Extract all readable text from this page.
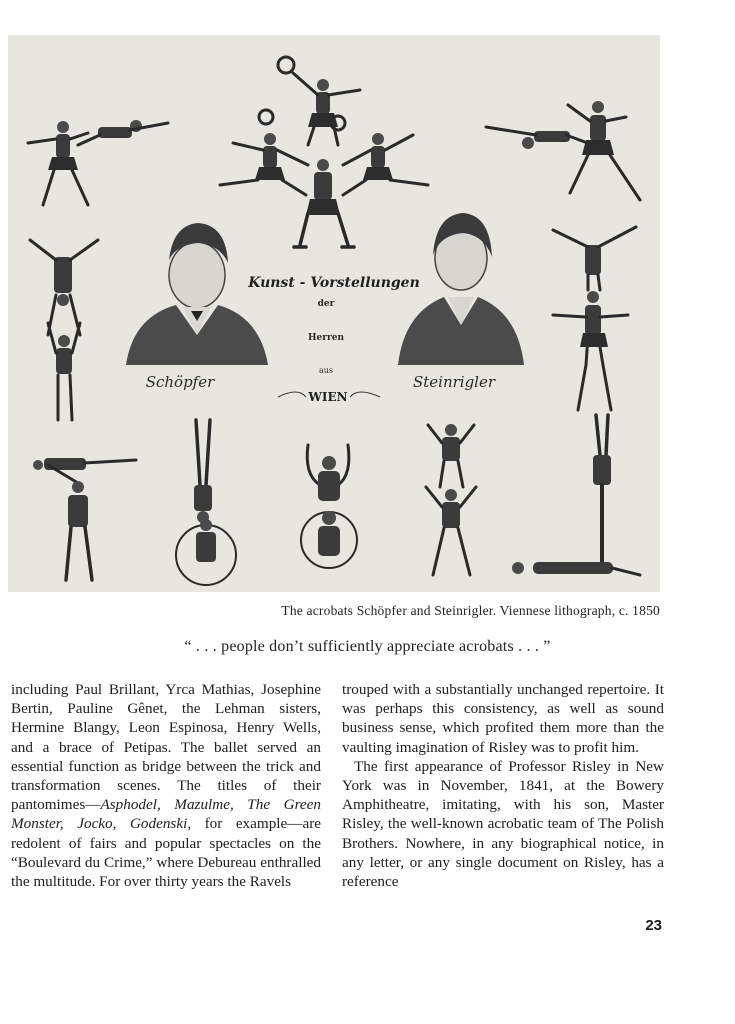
Kunst - Vorstellungen
der
Herren
aus
WIEN
Schöpfer	Steinrigler
The acrobats Schöpfer and Steinrigler. Viennese lithograph, c. 1850
“ . . . people don’t sufficiently appreciate acrobats . . . ”

including Paul Brillant, Yrca Mathias, Josephine Bertin, Pauline Gênet, the Lehman sisters, Hermine Blangy, Leon Espinosa, Henry Wells, and a brace of Petipas. The ballet served an essential function as bridge between the trick and transformation scenes. The titles of their pantomimes—Asphodel, Mazulme, The Green Monster, Jocko, Godenski, for example—are redolent of fairs and popular spectacles on the “Boulevard du Crime,” where Debureau enthralled the multitude. For over thirty years the Ravels

trouped with a substantially unchanged repertoire. It was perhaps this consistency, as well as sound business sense, which profited them more than the vaulting imagination of Risley was to profit him.

The first appearance of Professor Risley in New York was in November, 1841, at the Bowery Amphitheatre, imitating, with his son, Master Risley, the well-known acrobatic team of The Polish Brothers. Nowhere, in any biographical notice, in any letter, or any single document on Risley, has a reference

23
